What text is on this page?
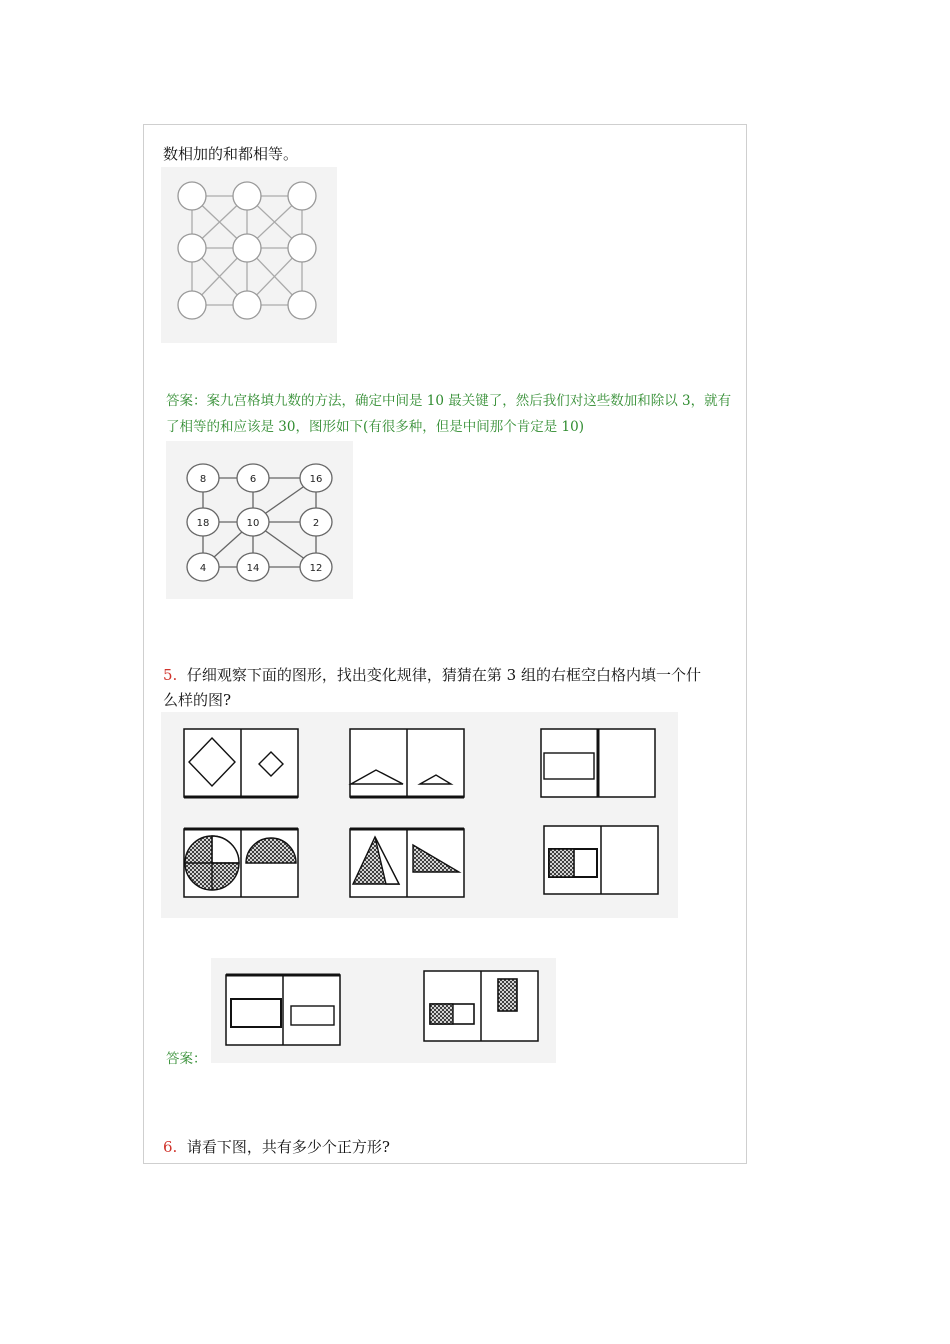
数相加的和都相等。
答案：案九宫格填九数的方法，确定中间是 10 最关键了，然后我们对这些数加和除以 3，就有
了相等的和应该是 30，图形如下(有很多种，但是中间那个肯定是 10)
8	6	16
18	10	2
4	14	12
5. 仔细观察下面的图形，找出变化规律，猜猜在第 3 组的右框空白格内填一个什
么样的图?
答案：
6. 请看下图，共有多少个正方形?
